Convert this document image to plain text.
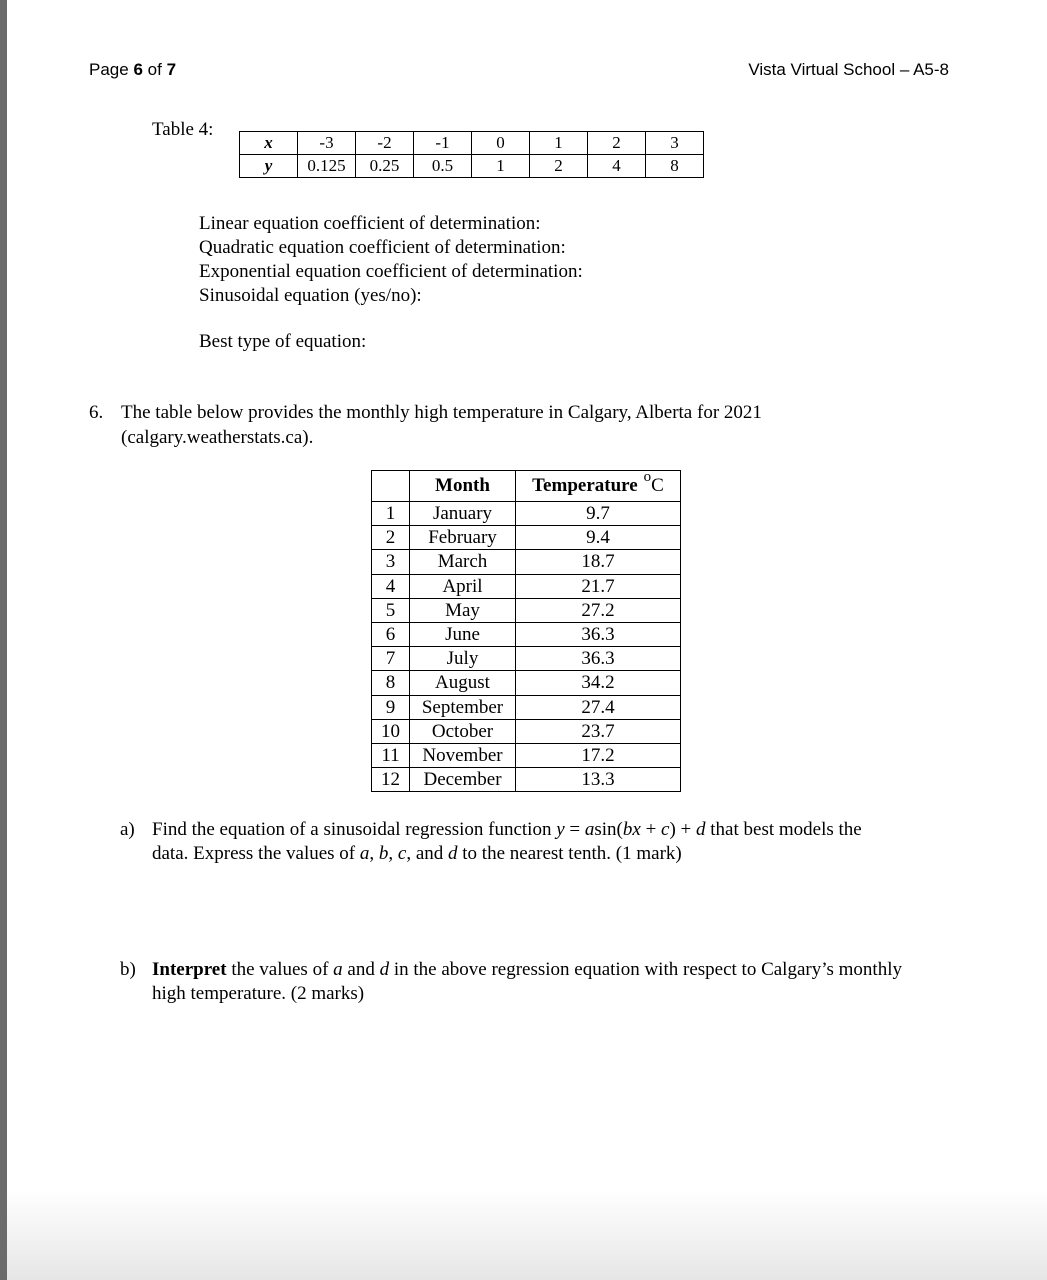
Page 6 of 7	Vista Virtual School – A5-8
Table 4:
x	-3	-2	-1	0	1	2	3
y	0.125	0.25	0.5	1	2	4	8
Linear equation coefficient of determination:
Quadratic equation coefficient of determination:
Exponential equation coefficient of determination:
Sinusoidal equation (yes/no):
Best type of equation:
6. The table below provides the monthly high temperature in Calgary, Alberta for 2021
(calgary.weatherstats.ca).
	Month	Temperature $^o$C
1	January	9.7
2	February	9.4
3	March	18.7
4	April	21.7
5	May	27.2
6	June	36.3
7	July	36.3
8	August	34.2
9	September	27.4
10	October	23.7
11	November	17.2
12	December	13.3
a) Find the equation of a sinusoidal regression function y = asin(bx + c) + d that best models the
data. Express the values of a, b, c, and d to the nearest tenth. (1 mark)
b) Interpret the values of a and d in the above regression equation with respect to Calgary’s monthly
high temperature. (2 marks)
